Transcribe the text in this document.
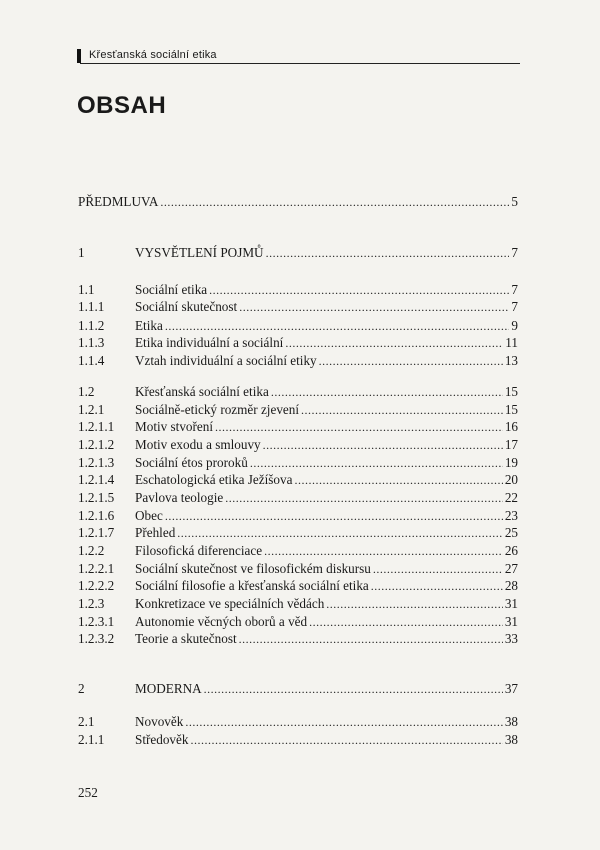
Křesťanská sociální etika
OBSAH
PŘEDMLUVA .....	5
1	VYSVĚTLENÍ POJMŮ .....	7
1.1	Sociální etika .....	7
1.1.1 Sociální skutečnost .....	7
1.1.2 Etika .....	9
1.1.3 Etika individuální a sociální .....	11
1.1.4 Vztah individuální a sociální etiky .....	13
1.2	Křesťanská sociální etika .....	15
1.2.1 Sociálně-etický rozměr zjevení .....	15
1.2.1.1 Motiv stvoření .....	16
1.2.1.2 Motiv exodu a smlouvy .....	17
1.2.1.3 Sociální étos proroků .....	19
1.2.1.4 Eschatologická etika Ježíšova .....	20
1.2.1.5 Pavlova teologie .....	22
1.2.1.6 Obec .....	23
1.2.1.7 Přehled .....	25
1.2.2 Filosofická diferenciace .....	26
1.2.2.1 Sociální skutečnost ve filosofickém diskursu .....	27
1.2.2.2 Sociální filosofie a křesťanská sociální etika .....	28
1.2.3 Konkretizace ve speciálních vědách .....	31
1.2.3.1 Autonomie věcných oborů a věd .....	31
1.2.3.2 Teorie a skutečnost .....	33
2	MODERNA .....	37
2.1	Novověk .....	38
2.1.1 Středověk .....	38
252
